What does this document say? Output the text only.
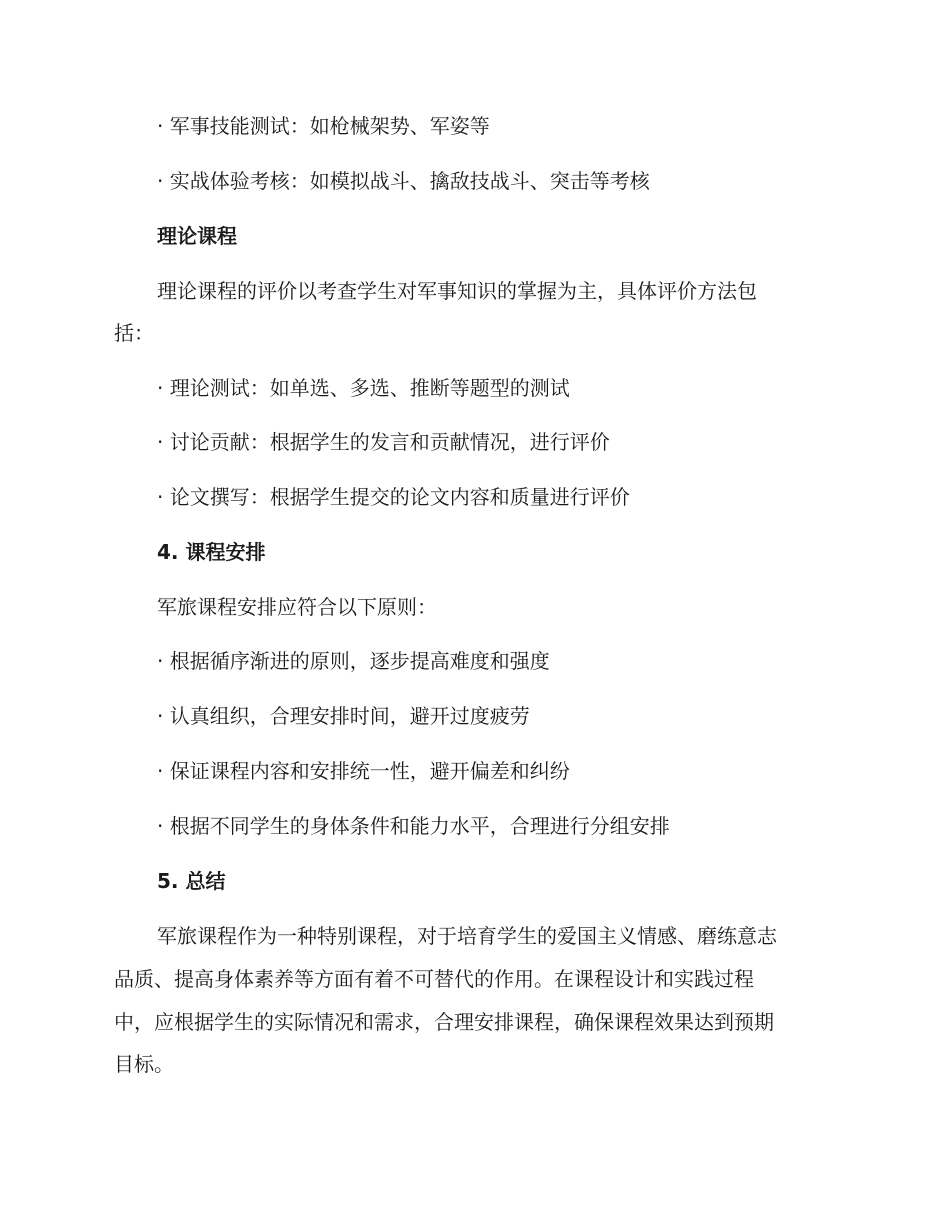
· 军事技能测试：如枪械架势、军姿等
· 实战体验考核：如模拟战斗、擒敌技战斗、突击等考核
理论课程
理论课程的评价以考查学生对军事知识的掌握为主，具体评价方法包
括：
· 理论测试：如单选、多选、推断等题型的测试
· 讨论贡献：根据学生的发言和贡献情况，进行评价
· 论文撰写：根据学生提交的论文内容和质量进行评价
4. 课程安排
军旅课程安排应符合以下原则：
· 根据循序渐进的原则，逐步提高难度和强度
· 认真组织，合理安排时间，避开过度疲劳
· 保证课程内容和安排统一性，避开偏差和纠纷
· 根据不同学生的身体条件和能力水平，合理进行分组安排
5. 总结
军旅课程作为一种特别课程，对于培育学生的爱国主义情感、磨练意志
品质、提高身体素养等方面有着不可替代的作用。在课程设计和实践过程
中，应根据学生的实际情况和需求，合理安排课程，确保课程效果达到预期
目标。
